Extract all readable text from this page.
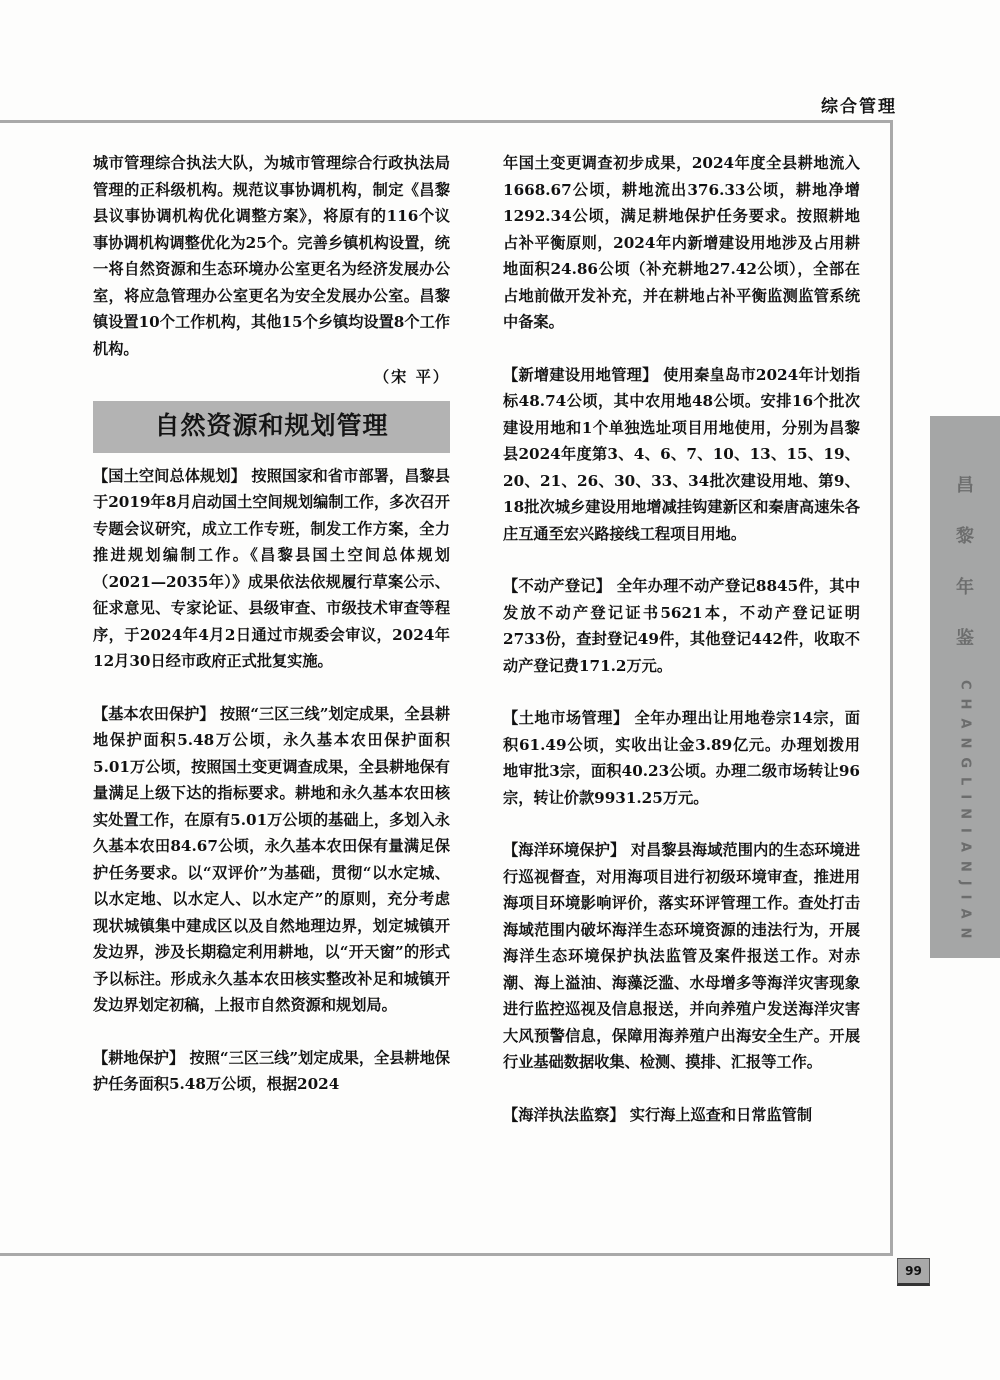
综合管理

城市管理综合执法大队，为城市管理综合行政执法局管理的正科级机构。规范议事协调机构，制定《昌黎县议事协调机构优化调整方案》，将原有的116个议事协调机构调整优化为25个。完善乡镇机构设置，统一将自然资源和生态环境办公室更名为经济发展办公室，将应急管理办公室更名为安全发展办公室。昌黎镇设置10个工作机构，其他15个乡镇均设置8个工作机构。

（宋 平）

自然资源和规划管理

【国土空间总体规划】 按照国家和省市部署，昌黎县于2019年8月启动国土空间规划编制工作，多次召开专题会议研究，成立工作专班，制发工作方案，全力推进规划编制工作。《昌黎县国土空间总体规划（2021—2035年）》成果依法依规履行草案公示、征求意见、专家论证、县级审查、市级技术审查等程序，于2024年4月2日通过市规委会审议，2024年12月30日经市政府正式批复实施。

【基本农田保护】 按照“三区三线”划定成果，全县耕地保护面积5.48万公顷，永久基本农田保护面积5.01万公顷，按照国土变更调查成果，全县耕地保有量满足上级下达的指标要求。耕地和永久基本农田核实处置工作，在原有5.01万公顷的基础上，多划入永久基本农田84.67公顷，永久基本农田保有量满足保护任务要求。以“双评价”为基础，贯彻“以水定城、以水定地、以水定人、以水定产”的原则，充分考虑现状城镇集中建成区以及自然地理边界，划定城镇开发边界，涉及长期稳定利用耕地，以“开天窗”的形式予以标注。形成永久基本农田核实整改补足和城镇开发边界划定初稿，上报市自然资源和规划局。

【耕地保护】 按照“三区三线”划定成果，全县耕地保护任务面积5.48万公顷，根据2024

年国土变更调查初步成果，2024年度全县耕地流入1668.67公顷，耕地流出376.33公顷，耕地净增1292.34公顷，满足耕地保护任务要求。按照耕地占补平衡原则，2024年内新增建设用地涉及占用耕地面积24.86公顷（补充耕地27.42公顷），全部在占地前做开发补充，并在耕地占补平衡监测监管系统中备案。

【新增建设用地管理】 使用秦皇岛市2024年计划指标48.74公顷，其中农用地48公顷。安排16个批次建设用地和1个单独选址项目用地使用，分别为昌黎县2024年度第3、4、6、7、10、13、15、19、20、21、26、30、33、34批次建设用地、第9、18批次城乡建设用地增减挂钩建新区和秦唐高速朱各庄互通至宏兴路接线工程项目用地。

【不动产登记】 全年办理不动产登记8845件，其中发放不动产登记证书5621本，不动产登记证明2733份，查封登记49件，其他登记442件，收取不动产登记费171.2万元。

【土地市场管理】 全年办理出让用地卷宗14宗，面积61.49公顷，实收出让金3.89亿元。办理划拨用地审批3宗，面积40.23公顷。办理二级市场转让96宗，转让价款9931.25万元。

【海洋环境保护】 对昌黎县海域范围内的生态环境进行巡视督查，对用海项目进行初级环境审查，推进用海项目环境影响评价，落实环评管理工作。查处打击海域范围内破坏海洋生态环境资源的违法行为，开展海洋生态环境保护执法监管及案件报送工作。对赤潮、海上溢油、海藻泛滥、水母增多等海洋灾害现象进行监控巡视及信息报送，并向养殖户发送海洋灾害大风预警信息，保障用海养殖户出海安全生产。开展行业基础数据收集、检测、摸排、汇报等工作。

【海洋执法监察】 实行海上巡查和日常监管制

昌
黎
年
鉴
CHANGLINIANJIAN
99
